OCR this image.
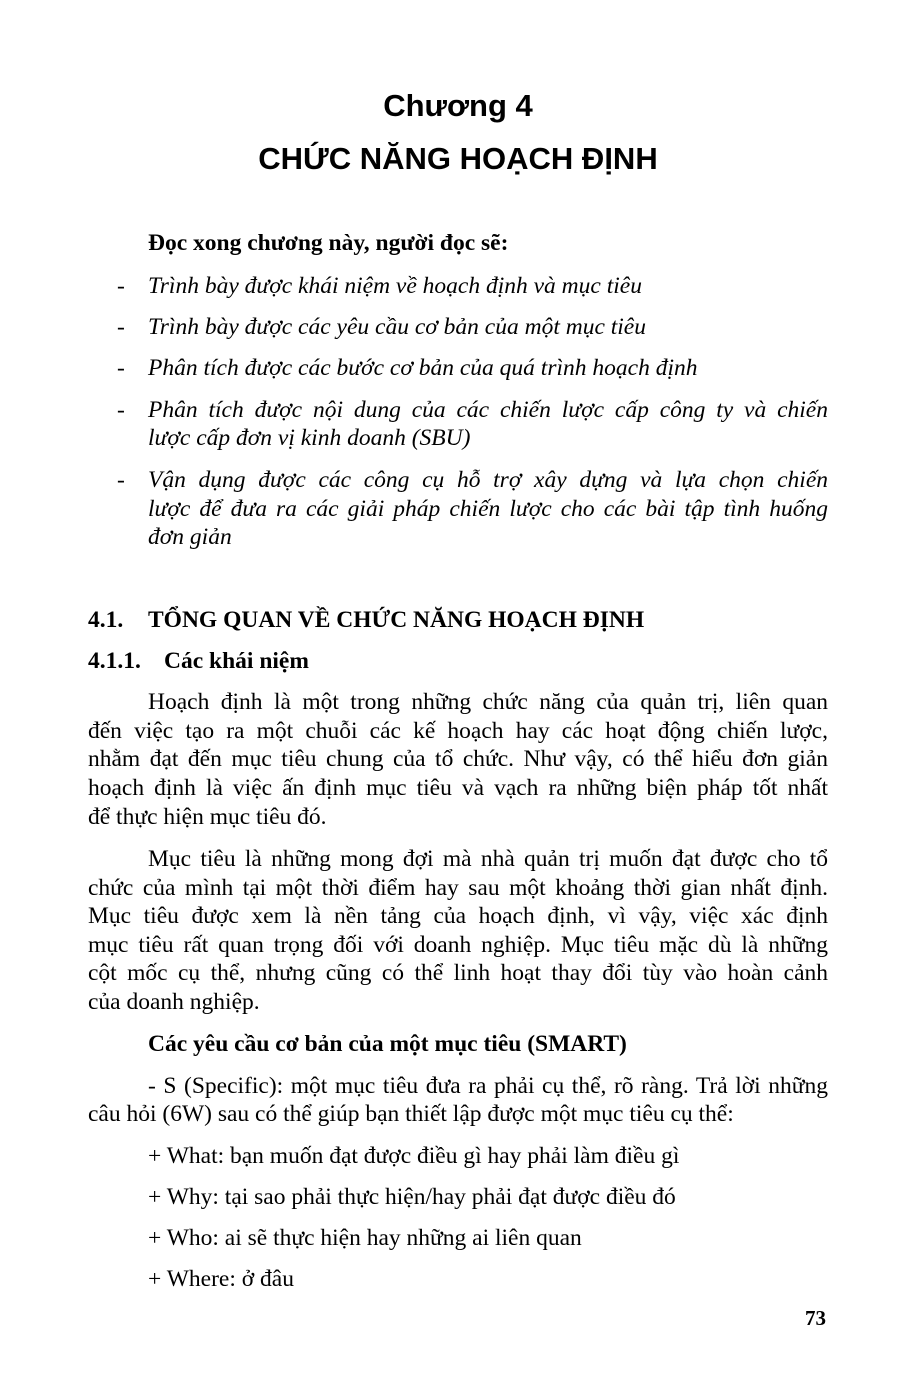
Chương 4
CHỨC NĂNG HOẠCH ĐỊNH
Đọc xong chương này, người đọc sẽ:
- Trình bày được khái niệm về hoạch định và mục tiêu
- Trình bày được các yêu cầu cơ bản của một mục tiêu
- Phân tích được các bước cơ bản của quá trình hoạch định
- Phân tích được nội dung của các chiến lược cấp công ty và chiến
lược cấp đơn vị kinh doanh (SBU)
- Vận dụng được các công cụ hỗ trợ xây dựng và lựa chọn chiến
lược để đưa ra các giải pháp chiến lược cho các bài tập tình huống
đơn giản
4.1. TỔNG QUAN VỀ CHỨC NĂNG HOẠCH ĐỊNH
4.1.1. Các khái niệm
Hoạch định là một trong những chức năng của quản trị, liên quan
đến việc tạo ra một chuỗi các kế hoạch hay các hoạt động chiến lược,
nhằm đạt đến mục tiêu chung của tổ chức. Như vậy, có thể hiểu đơn giản
hoạch định là việc ấn định mục tiêu và vạch ra những biện pháp tốt nhất
để thực hiện mục tiêu đó.
Mục tiêu là những mong đợi mà nhà quản trị muốn đạt được cho tổ
chức của mình tại một thời điểm hay sau một khoảng thời gian nhất định.
Mục tiêu được xem là nền tảng của hoạch định, vì vậy, việc xác định
mục tiêu rất quan trọng đối với doanh nghiệp. Mục tiêu mặc dù là những
cột mốc cụ thể, nhưng cũng có thể linh hoạt thay đổi tùy vào hoàn cảnh
của doanh nghiệp.
Các yêu cầu cơ bản của một mục tiêu (SMART)
- S (Specific): một mục tiêu đưa ra phải cụ thể, rõ ràng. Trả lời những
câu hỏi (6W) sau có thể giúp bạn thiết lập được một mục tiêu cụ thể:
+ What: bạn muốn đạt được điều gì hay phải làm điều gì
+ Why: tại sao phải thực hiện/hay phải đạt được điều đó
+ Who: ai sẽ thực hiện hay những ai liên quan
+ Where: ở đâu
73
